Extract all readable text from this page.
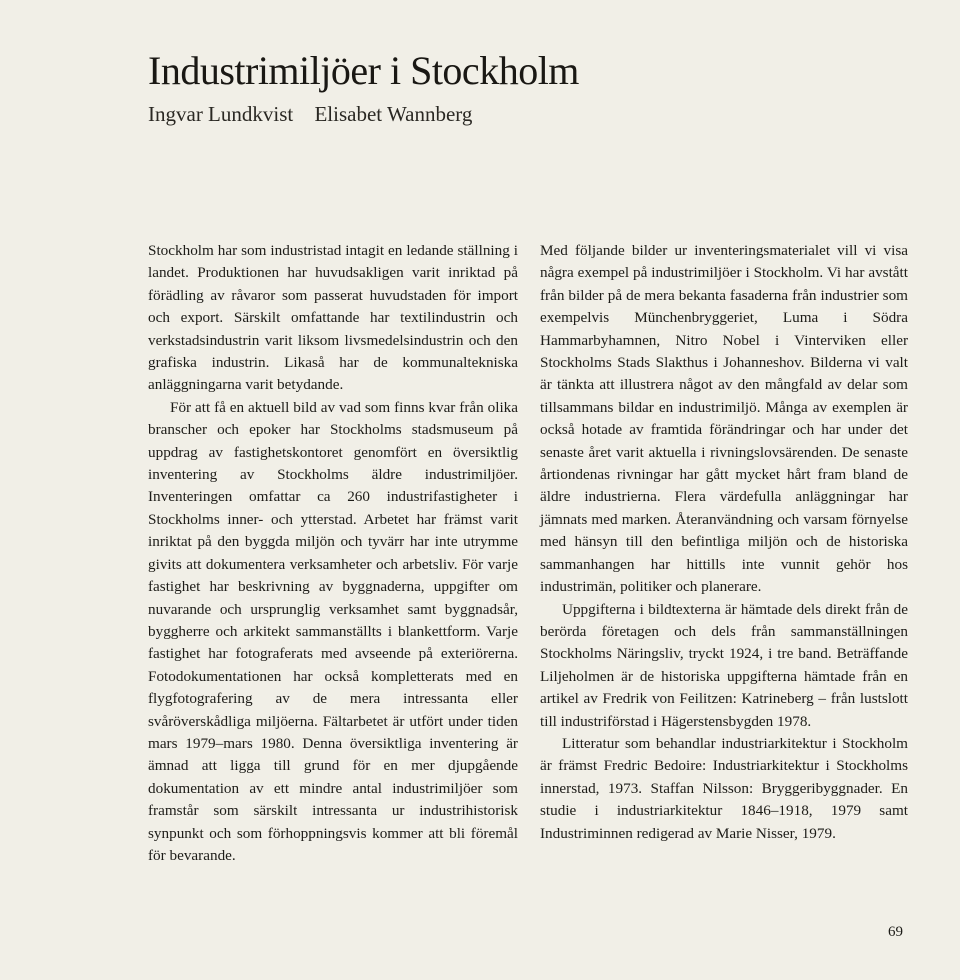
Industrimiljöer i Stockholm

Ingvar Lundkvist Elisabet Wannberg

Stockholm har som industristad intagit en ledande ställning i landet. Produktionen har huvudsakligen varit inriktad på förädling av råvaror som passerat huvudstaden för import och export. Särskilt omfattande har textilindustrin och verkstadsindustrin varit liksom livsmedelsindustrin och den grafiska industrin. Likaså har de kommunaltekniska anläggningarna varit betydande.

För att få en aktuell bild av vad som finns kvar från olika branscher och epoker har Stockholms stadsmuseum på uppdrag av fastighetskontoret genomfört en översiktlig inventering av Stockholms äldre industrimiljöer. Inventeringen omfattar ca 260 industrifastigheter i Stockholms inner- och ytterstad. Arbetet har främst varit inriktat på den byggda miljön och tyvärr har inte utrymme givits att dokumentera verksamheter och arbetsliv. För varje fastighet har beskrivning av byggnaderna, uppgifter om nuvarande och ursprunglig verksamhet samt byggnadsår, byggherre och arkitekt sammanställts i blankettform. Varje fastighet har fotograferats med avseende på exteriörerna. Fotodokumentationen har också kompletterats med en flygfotografering av de mera intressanta eller svåröverskådliga miljöerna. Fältarbetet är utfört under tiden mars 1979–mars 1980. Denna översiktliga inventering är ämnad att ligga till grund för en mer djupgående dokumentation av ett mindre antal industrimiljöer som framstår som särskilt intressanta ur industrihistorisk synpunkt och som förhoppningsvis kommer att bli föremål för bevarande.

Med följande bilder ur inventeringsmaterialet vill vi visa några exempel på industrimiljöer i Stockholm. Vi har avstått från bilder på de mera bekanta fasaderna från industrier som exempelvis Münchenbryggeriet, Luma i Södra Hammarbyhamnen, Nitro Nobel i Vinterviken eller Stockholms Stads Slakthus i Johanneshov. Bilderna vi valt är tänkta att illustrera något av den mångfald av delar som tillsammans bildar en industrimiljö. Många av exemplen är också hotade av framtida förändringar och har under det senaste året varit aktuella i rivningslovsärenden. De senaste årtiondenas rivningar har gått mycket hårt fram bland de äldre industrierna. Flera värdefulla anläggningar har jämnats med marken. Återanvändning och varsam förnyelse med hänsyn till den befintliga miljön och de historiska sammanhangen har hittills inte vunnit gehör hos industrimän, politiker och planerare.

Uppgifterna i bildtexterna är hämtade dels direkt från de berörda företagen och dels från sammanställningen Stockholms Näringsliv, tryckt 1924, i tre band. Beträffande Liljeholmen är de historiska uppgifterna hämtade från en artikel av Fredrik von Feilitzen: Katrineberg – från lustslott till industriförstad i Hägerstensbygden 1978.

Litteratur som behandlar industriarkitektur i Stockholm är främst Fredric Bedoire: Industriarkitektur i Stockholms innerstad, 1973. Staffan Nilsson: Bryggeribyggnader. En studie i industriarkitektur 1846–1918, 1979 samt Industriminnen redigerad av Marie Nisser, 1979.

69
